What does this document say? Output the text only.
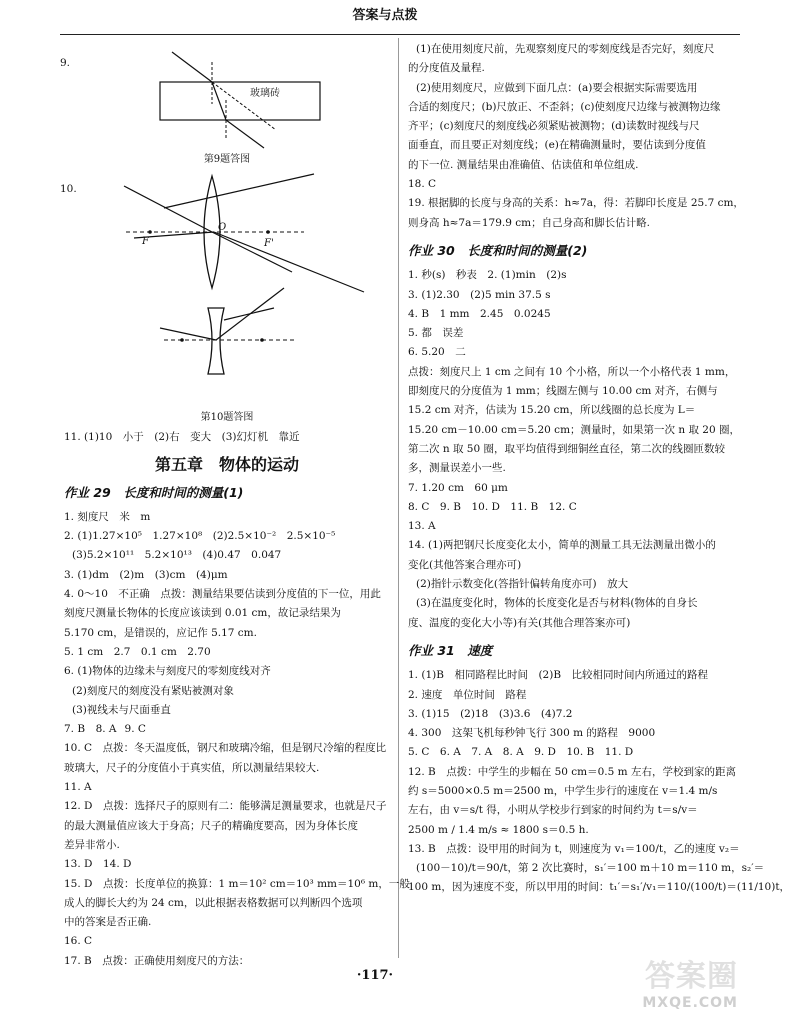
答案与点拨
9.
玻璃砖
第9题答图
10.
F
O
F'
第10题答图
11. (1)10　小于　(2)右　变大　(3)幻灯机　靠近
第五章　物体的运动
作业 29　长度和时间的测量(1)
1. 刻度尺　米　m
2. (1)1.27×10⁵　1.27×10⁸　(2)2.5×10⁻²　2.5×10⁻⁵
(3)5.2×10¹¹　5.2×10¹³　(4)0.47　0.047
3. (1)dm　(2)m　(3)cm　(4)μm
4. 0～10　不正确　点拨：测量结果要估读到分度值的下一位，用此
刻度尺测量长物体的长度应该读到 0.01 cm，故记录结果为
5.170 cm，是错误的，应记作 5.17 cm.
5. 1 cm　2.7　0.1 cm　2.70
6. (1)物体的边缘未与刻度尺的零刻度线对齐
(2)刻度尺的刻度没有紧贴被测对象
(3)视线未与尺面垂直
7. B　8. A 9. C
10. C　点拨：冬天温度低，钢尺和玻璃冷缩，但是钢尺冷缩的程度比
玻璃大，尺子的分度值小于真实值，所以测量结果较大.
11. A
12. D　点拨：选择尺子的原则有二：能够满足测量要求，也就是尺子
的最大测量值应该大于身高；尺子的精确度要高，因为身体长度
差异非常小.
13. D　14. D
15. D　点拨：长度单位的换算：1 m＝10² cm＝10³ mm＝10⁶ m，一般
成人的脚长大约为 24 cm，以此根据表格数据可以判断四个选项
中的答案是否正确.
16. C
17. B　点拨：正确使用刻度尺的方法：
(1)在使用刻度尺前，先观察刻度尺的零刻度线是否完好，刻度尺
的分度值及量程.
(2)使用刻度尺，应做到下面几点：(a)要会根据实际需要选用
合适的刻度尺；(b)尺放正、不歪斜；(c)使刻度尺边缘与被测物边缘
齐平；(c)刻度尺的刻度线必须紧贴被测物；(d)读数时视线与尺
面垂直，而且要正对刻度线；(e)在精确测量时，要估读到分度值
的下一位. 测量结果由准确值、估读值和单位组成.
18. C
19. 根据脚的长度与身高的关系：h≈7a，得：若脚印长度是 25.7 cm，
则身高 h≈7a＝179.9 cm；自己身高和脚长估计略.
作业 30　长度和时间的测量(2)
1. 秒(s)　秒表　2. (1)min　(2)s
3. (1)2.30　(2)5 min 37.5 s
4. B　1 mm　2.45　0.0245
5. 都　误差
6. 5.20　二
点拨：刻度尺上 1 cm 之间有 10 个小格，所以一个小格代表 1 mm，
即刻度尺的分度值为 1 mm；线圈左侧与 10.00 cm 对齐，右侧与
15.2 cm 对齐，估读为 15.20 cm，所以线圈的总长度为 L＝
15.20 cm－10.00 cm＝5.20 cm；测量时，如果第一次 n 取 20 圈，
第二次 n 取 50 圈，取平均值得到细铜丝直径，第二次的线圈匝数较
多，测量误差小一些.
7. 1.20 cm　60 μm
8. C　9. B　10. D　11. B　12. C
13. A
14. (1)两把钢尺长度变化太小，简单的测量工具无法测量出微小的
变化(其他答案合理亦可)
(2)指针示数变化(答指针偏转角度亦可)　放大
(3)在温度变化时，物体的长度变化是否与材料(物体的自身长
度、温度的变化大小等)有关(其他合理答案亦可)
作业 31　速度
1. (1)B　相同路程比时间　(2)B　比较相同时间内所通过的路程
2. 速度　单位时间　路程
3. (1)15　(2)18　(3)3.6　(4)7.2
4. 300　这架飞机每秒钟飞行 300 m 的路程　9000
5. C　6. A　7. A　8. A　9. D　10. B　11. D
12. B　点拨：中学生的步幅在 50 cm＝0.5 m 左右，学校到家的距离
约 s＝5000×0.5 m＝2500 m，中学生步行的速度在 v＝1.4 m/s
左右，由 v＝s/t 得，小明从学校步行到家的时间约为 t＝s/v＝
2500 m / 1.4 m/s ≈ 1800 s＝0.5 h.
13. B　点拨：设甲用的时间为 t，则速度为 v₁＝100/t，乙的速度 v₂＝
(100－10)/t＝90/t，第 2 次比赛时，s₁′＝100 m＋10 m＝110 m，s₂′＝
100 m，因为速度不变，所以甲用的时间：t₁′＝s₁′/v₁＝110/(100/t)＝(11/10)t，
·117·	答案圈
MXQE.COM
